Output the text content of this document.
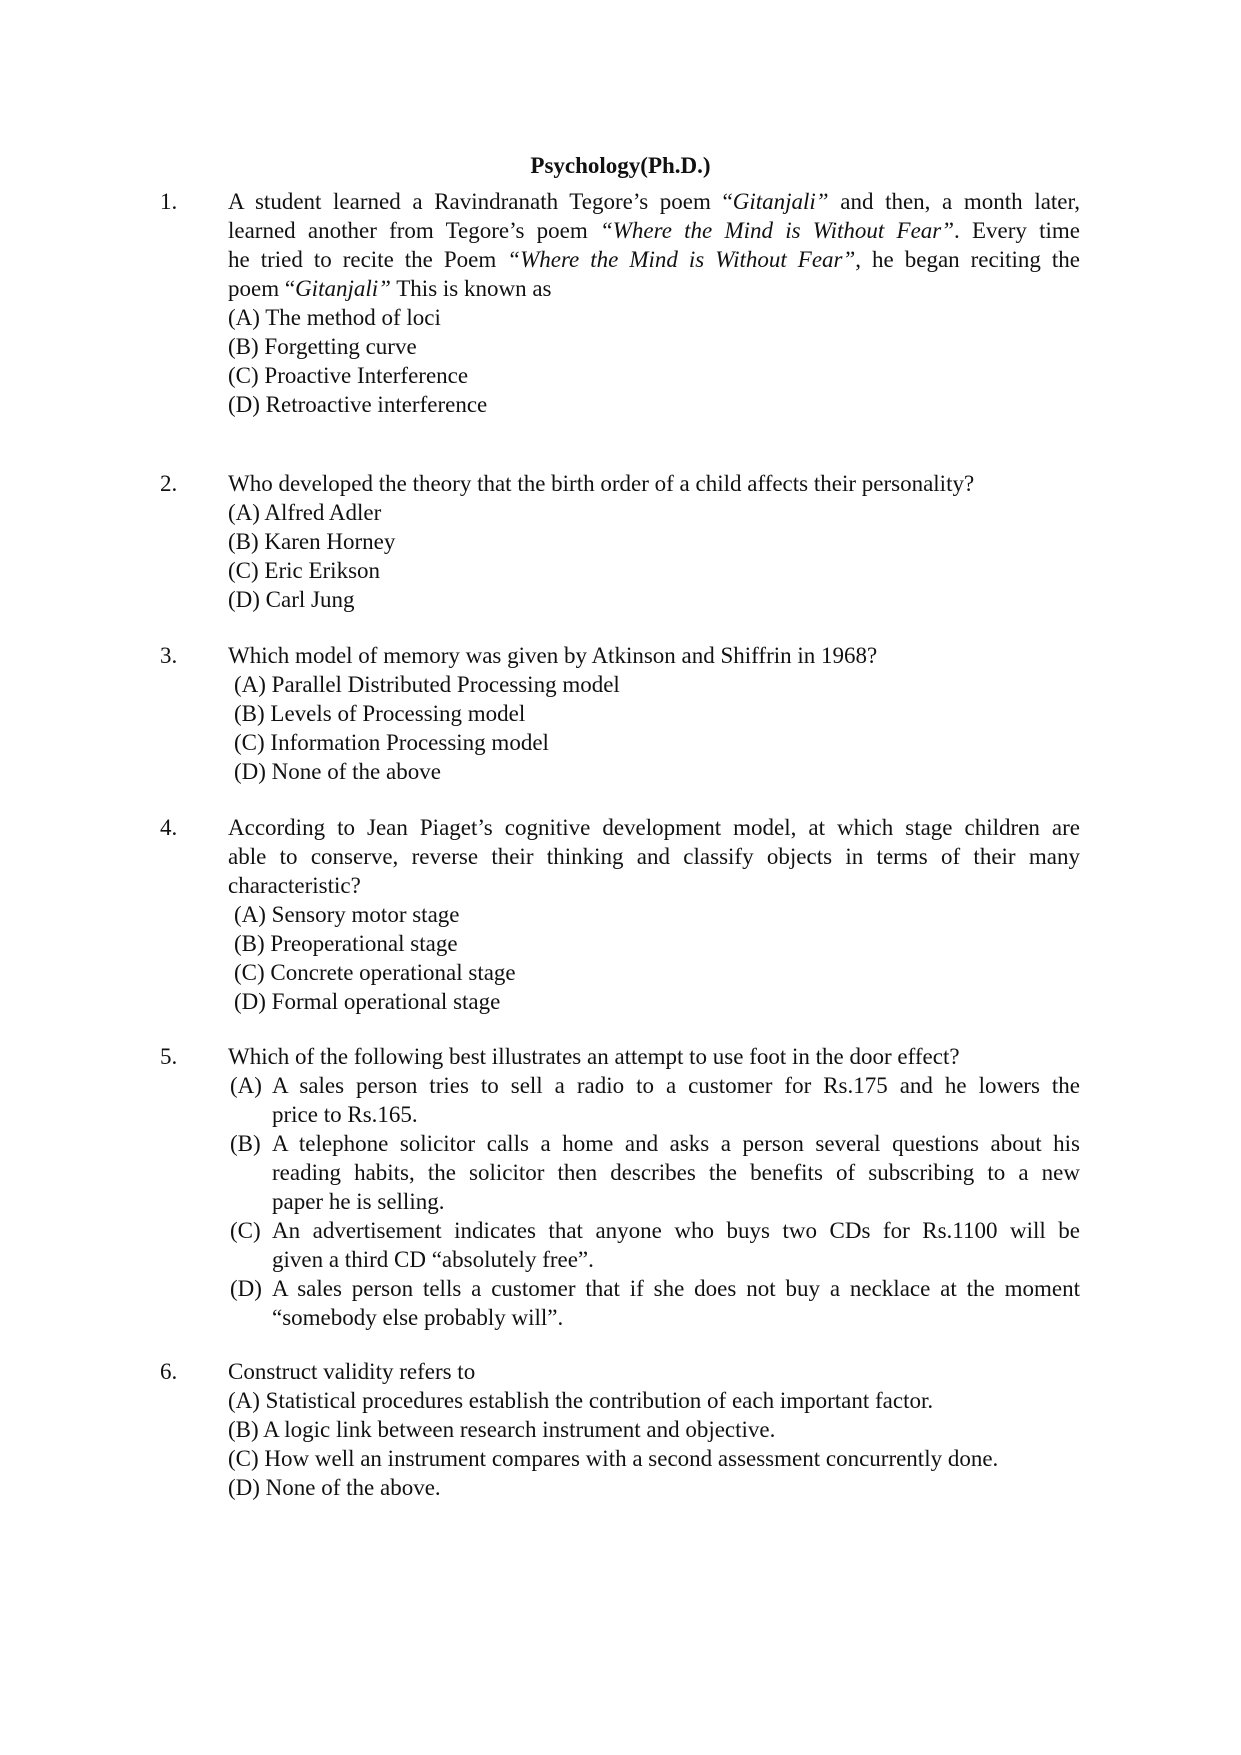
Psychology(Ph.D.)
1.	A student learned a Ravindranath Tegore’s poem “Gitanjali” and then, a month later,
learned another from Tegore’s poem “Where the Mind is Without Fear”. Every time
he tried to recite the Poem “Where the Mind is Without Fear”, he began reciting the
poem “Gitanjali” This is known as
(A) The method of loci
(B) Forgetting curve
(C) Proactive Interference
(D) Retroactive interference
2.	Who developed the theory that the birth order of a child affects their personality?
(A) Alfred Adler
(B) Karen Horney
(C) Eric Erikson
(D) Carl Jung
3.	Which model of memory was given by Atkinson and Shiffrin in 1968?
(A) Parallel Distributed Processing model
(B) Levels of Processing model
(C) Information Processing model
(D) None of the above
4.	According to Jean Piaget’s cognitive development model, at which stage children are
able to conserve, reverse their thinking and classify objects in terms of their many
characteristic?
(A) Sensory motor stage
(B) Preoperational stage
(C) Concrete operational stage
(D) Formal operational stage
5.	Which of the following best illustrates an attempt to use foot in the door effect?
(A) A sales person tries to sell a radio to a customer for Rs.175 and he lowers the
price to Rs.165.
(B) A telephone solicitor calls a home and asks a person several questions about his
reading habits, the solicitor then describes the benefits of subscribing to a new
paper he is selling.
(C) An advertisement indicates that anyone who buys two CDs for Rs.1100 will be
given a third CD “absolutely free”.
(D) A sales person tells a customer that if she does not buy a necklace at the moment
“somebody else probably will”.
6.	Construct validity refers to
(A) Statistical procedures establish the contribution of each important factor.
(B) A logic link between research instrument and objective.
(C) How well an instrument compares with a second assessment concurrently done.
(D) None of the above.
